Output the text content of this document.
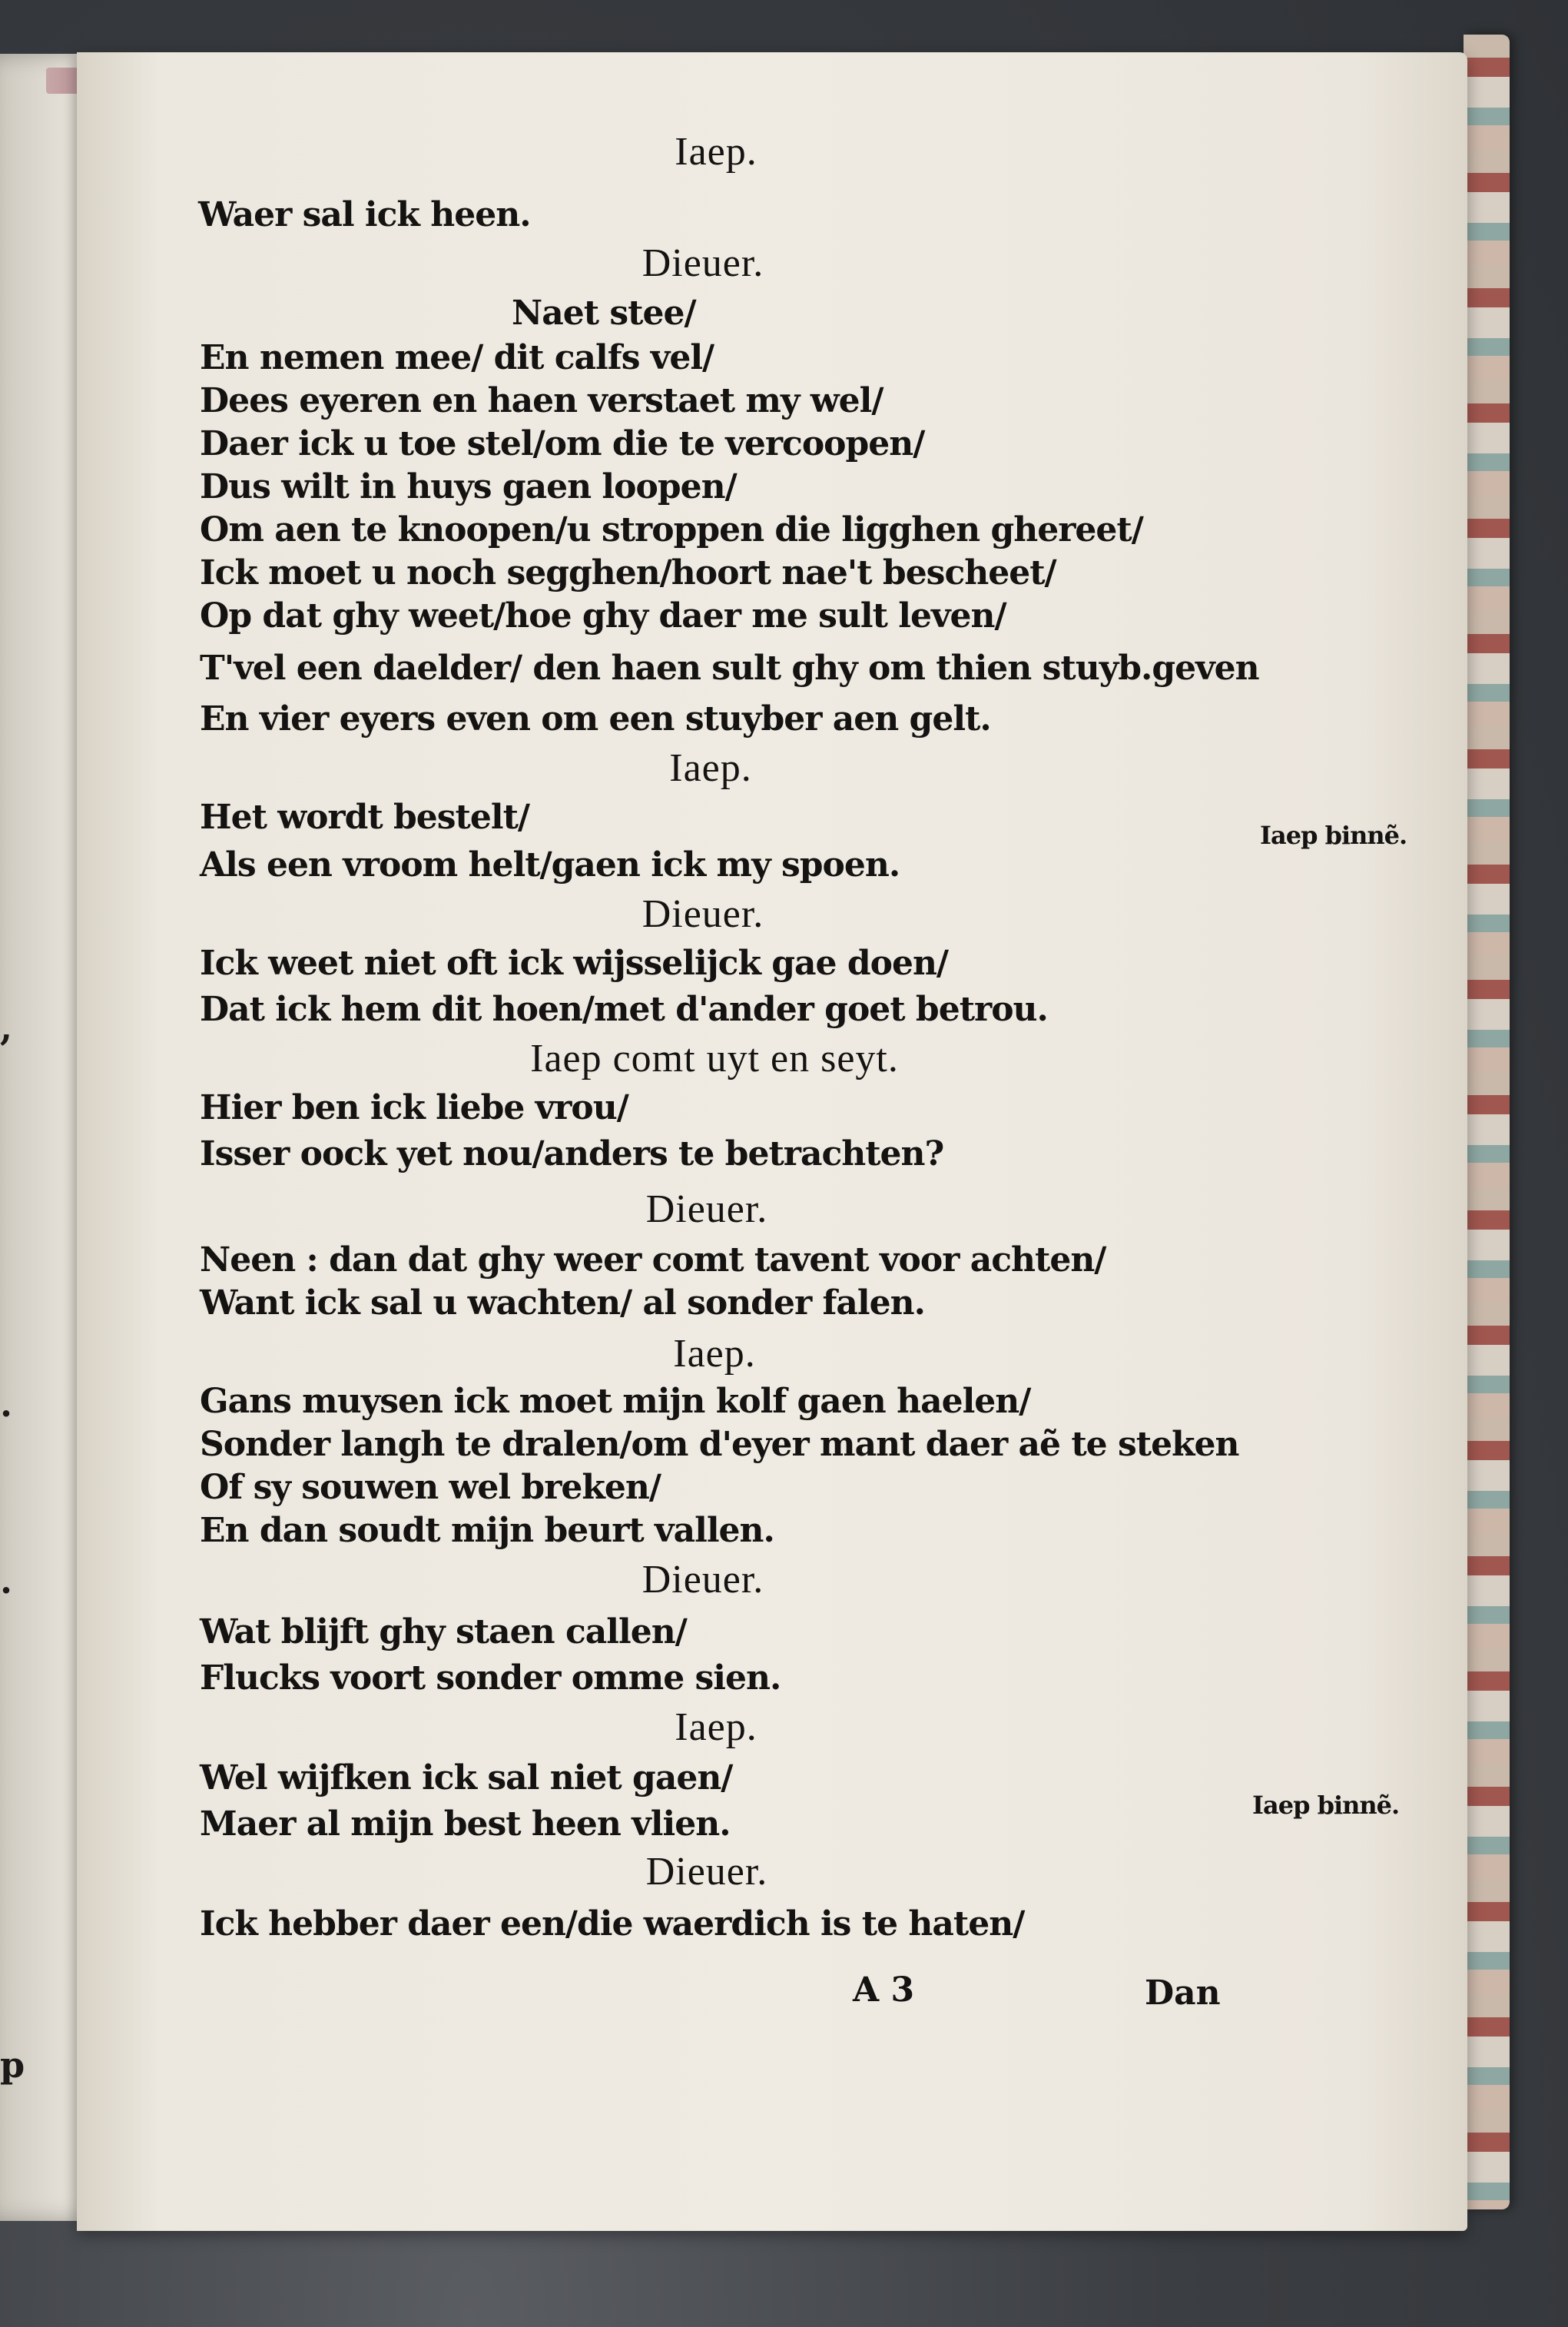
,
.
.
p
Iaep.
Waer sal ick heen.
Dieuer.
Naet stee/
En nemen mee/ dit calfs vel/
Dees eyeren en haen verstaet my wel/
Daer ick u toe stel/om die te vercoopen/
Dus wilt in huys gaen loopen/
Om aen te knoopen/u stroppen die ligghen ghereet/
Ick moet u noch segghen/hoort nae't bescheet/
Op dat ghy weet/hoe ghy daer me sult leven/
T'vel een daelder/ den haen sult ghy om thien stuyb.geven
En vier eyers even om een stuyber aen gelt.
Iaep.
Het wordt bestelt/
Als een vroom helt/gaen ick my spoen.
Dieuer.
Ick weet niet oft ick wijsselijck gae doen/
Dat ick hem dit hoen/met d'ander goet betrou.
Iaep comt uyt en seyt.
Hier ben ick liebe vrou/
Isser oock yet nou/anders te betrachten?
Dieuer.
Neen : dan dat ghy weer comt tavent voor achten/
Want ick sal u wachten/ al sonder falen.
Iaep.
Gans muysen ick moet mijn kolf gaen haelen/
Sonder langh te dralen/om d'eyer mant daer aẽ te steken
Of sy souwen wel breken/
En dan soudt mijn beurt vallen.
Dieuer.
Wat blijft ghy staen callen/
Flucks voort sonder omme sien.
Iaep.
Wel wijfken ick sal niet gaen/
Maer al mijn best heen vlien.
Dieuer.
Ick hebber daer een/die waerdich is te haten/
Iaep binnẽ.
Iaep binnẽ.
A 3	Dan
